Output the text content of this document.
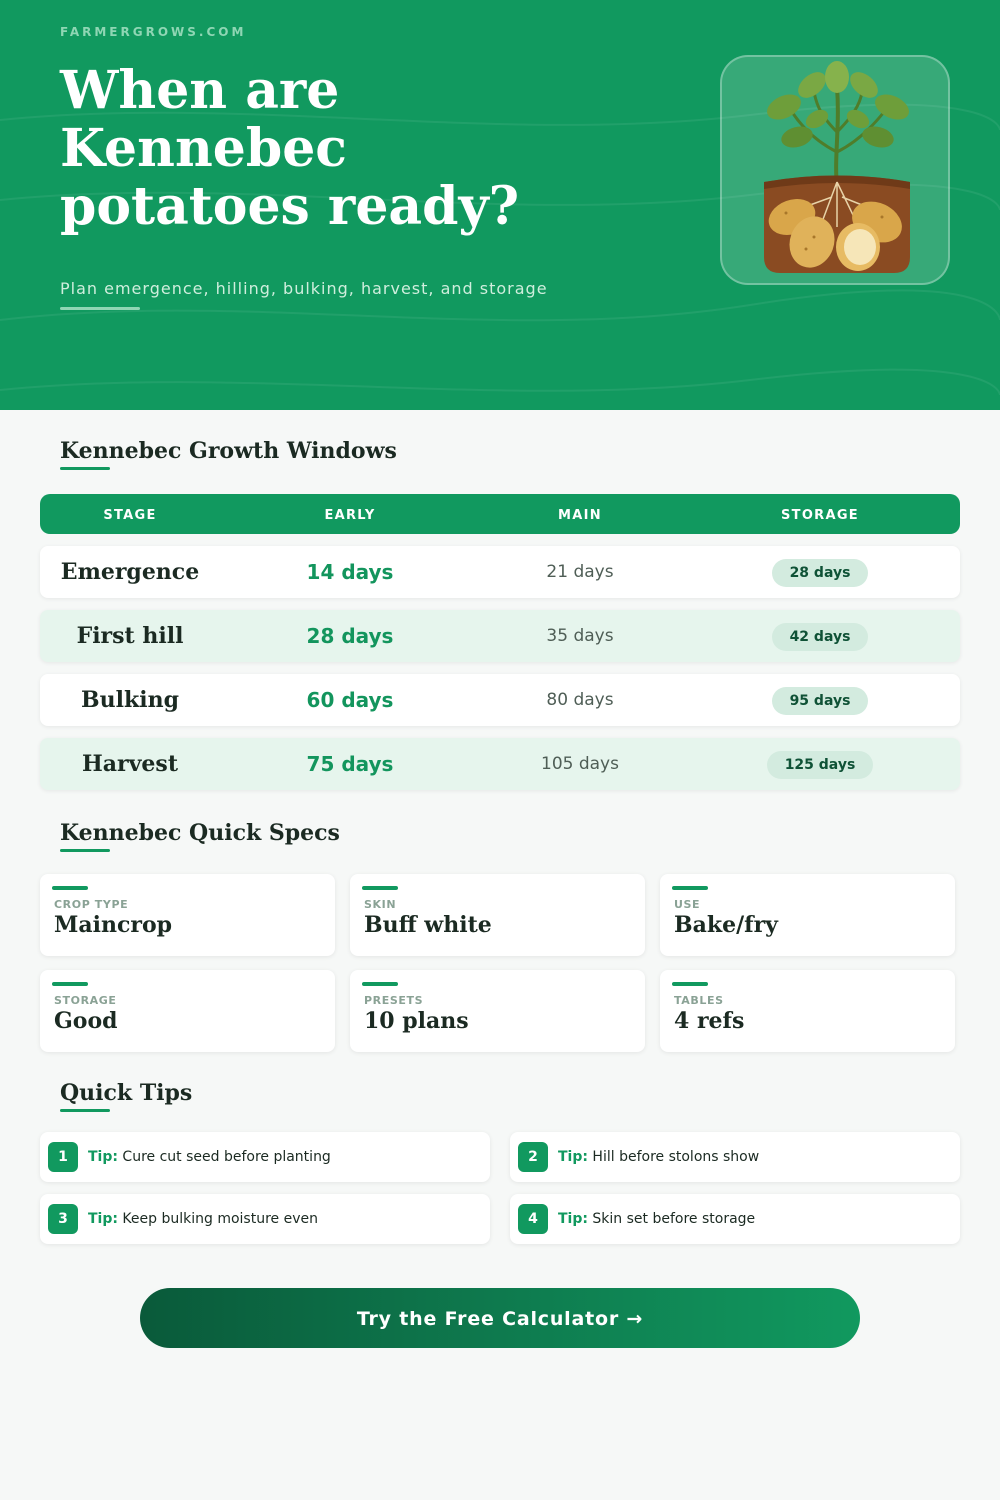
FARMERGROWS.COM
When are Kennebec potatoes ready?
Plan emergence, hilling, bulking, harvest, and storage
Kennebec Growth Windows
STAGE	EARLY	MAIN	STORAGE
Emergence	14 days	21 days	28 days
First hill	28 days	35 days	42 days
Bulking	60 days	80 days	95 days
Harvest	75 days	105 days	125 days
Kennebec Quick Specs
CROP TYPE
Maincrop
SKIN
Buff white
USE
Bake/fry
STORAGE
Good
PRESETS
10 plans
TABLES
4 refs
Quick Tips
1	Tip: Cure cut seed before planting	2	Tip: Hill before stolons show
3	Tip: Keep bulking moisture even	4	Tip: Skin set before storage
Try the Free Calculator →
